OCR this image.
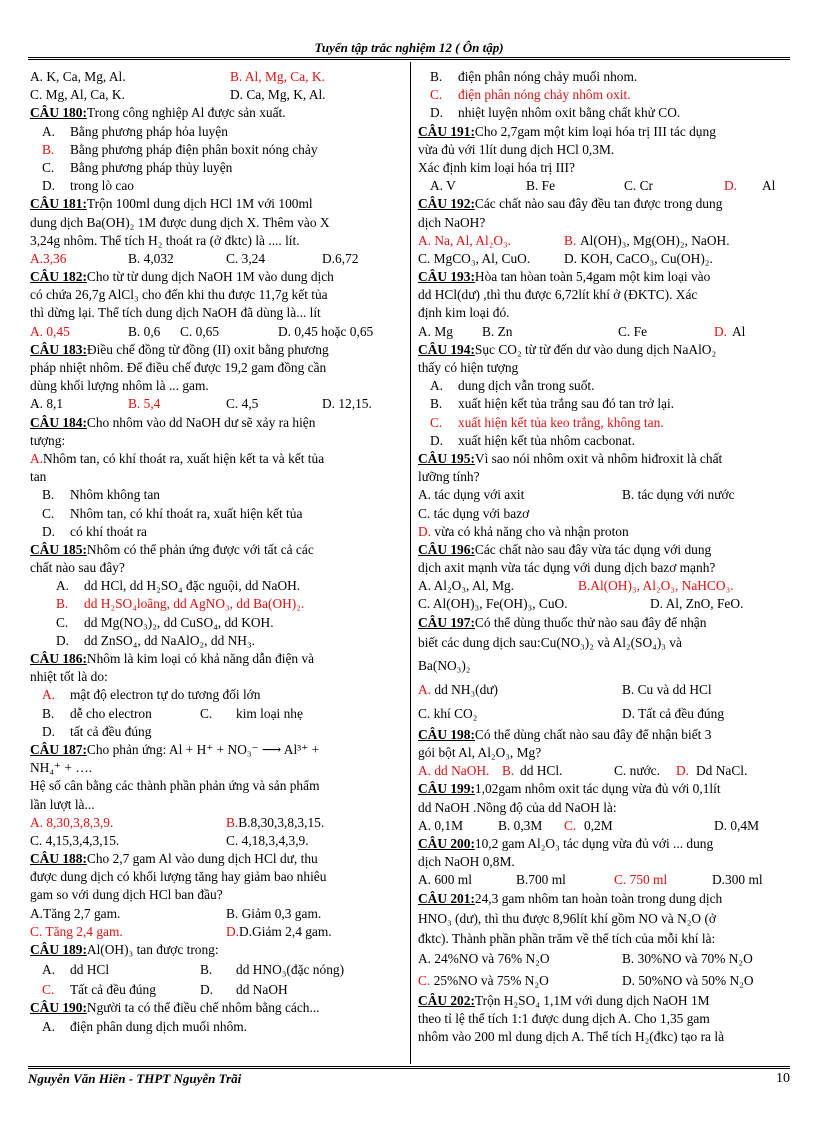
Tuyển tập trắc nghiệm 12 ( Ôn tập)
A. K, Ca, Mg, Al.	B. Al, Mg, Ca, K.
C. Mg, Al, Ca, K.	D. Ca, Mg, K, Al.
CÂU 180:Trong công nghiệp Al được sản xuất.
A. Bằng phương pháp hỏa luyện
B. Bằng phương pháp điện phân boxit nóng chảy
C. Bằng phương pháp thủy luyện
D. trong lò cao
CÂU 181:Trộn 100ml dung dịch HCl 1M với 100ml
dung dịch Ba(OH)₂ 1M được dung dịch X. Thêm vào X
3,24g nhôm. Thể tích H₂ thoát ra (ở đktc) là .... lít.
A.3,36	B. 4,032	C. 3,24	D.6,72
CÂU 182:Cho từ từ dung dịch NaOH 1M vào dung dịch
có chứa 26,7g AlCl₃ cho đến khi thu được 11,7g kết tủa
thì dừng lại. Thể tích dung dịch NaOH đã dùng là... lít
A. 0,45	B. 0,6 C. 0,65	D. 0,45 hoặc 0,65
CÂU 183:Điều chế đồng từ đồng (II) oxit bằng phương
pháp nhiệt nhôm. Để điều chế được 19,2 gam đồng cần
dùng khối lượng nhôm là ... gam.
A. 8,1	B. 5,4	C. 4,5	D. 12,15.
CÂU 184:Cho nhôm vào dd NaOH dư sẽ xảy ra hiện
tượng:
A.Nhôm tan, có khí thoát ra, xuất hiện kết ta và kết tủa
tan
B. Nhôm không tan
C. Nhôm tan, có khí thoát ra, xuất hiện kết tủa
D. có khí thoát ra
CÂU 185:Nhôm có thể phản ứng được với tất cả các
chất nào sau đây?
A. dd HCl, dd H₂SO₄ đặc nguội, dd NaOH.
B. dd H₂SO₄loãng, dd AgNO₃, dd Ba(OH)₂.
C. dd Mg(NO₃)₂, dd CuSO₄, dd KOH.
D. dd ZnSO₄, dd NaAlO₂, dd NH₃.
CÂU 186:Nhôm là kim loại có khả năng dẫn điện và
nhiệt tốt là do:
A. mật độ electron tự do tương đối lớn
B. dễ cho electron	C. kim loại nhẹ
D. tất cả đều đúng
CÂU 187:Cho phản ứng: Al + H⁺ + NO₃⁻ ⟶ Al³⁺ +
NH₄⁺ + ….
Hệ số cân bằng các thành phần phản ứng và sản phẩm
lần lượt là...
A. 8,30,3,8,3,9.	B.B.8,30,3,8,3,15.
C. 4,15,3,4,3,15.	C. 4,18,3,4,3,9.
CÂU 188:Cho 2,7 gam Al vào dung dịch HCl dư, thu
được dung dịch có khối lượng tăng hay giảm bao nhiêu
gam so với dung dịch HCl ban đầu?
A.Tăng 2,7 gam.	B. Giảm 0,3 gam.
C. Tăng 2,4 gam.	D.D.Giảm 2,4 gam.
CÂU 189:Al(OH)₃ tan được trong:
A. dd HCl	B. dd HNO₃(đặc nóng)
C. Tất cả đều đúng	D. dd NaOH
CÂU 190:Người ta có thể điều chế nhôm bằng cách...
A. điện phân dung dịch muối nhôm.
B. điện phân nóng chảy muối nhom.
C. điện phân nóng chảy nhôm oxit.
D. nhiệt luyện nhôm oxit bằng chất khử CO.
CÂU 191:Cho 2,7gam một kim loại hóa trị III tác dụng
vừa đủ với 1lít dung dịch HCl 0,3M.
Xác định kim loại hóa trị III?
A. V	B. Fe	C. Cr	D. Al
CÂU 192:Các chất nào sau đây đều tan được trong dung
dịch NaOH?
A. Na, Al, Al₂O₃.	B. Al(OH)₃, Mg(OH)₂, NaOH.
C. MgCO₃, Al, CuO.	D. KOH, CaCO₃, Cu(OH)₂.
CÂU 193:Hòa tan hòan toàn 5,4gam một kim loại vào
dd HCl(dư) ,thì thu được 6,72lít khí ở (ĐKTC). Xác
định kim loại đó.
A. Mg B. Zn	C. Fe	D. Al
CÂU 194:Sục CO₂ từ từ đến dư vào dung dịch NaAlO₂
thấy có hiện tượng
A. dung dịch vẫn trong suốt.
B. xuất hiện kết tủa trắng sau đó tan trở lại.
C. xuất hiện kết tủa keo trắng, không tan.
D. xuất hiện kết tủa nhôm cacbonat.
CÂU 195:Vì sao nói nhôm oxit và nhôm hiđroxit là chất
lưỡng tính?
A. tác dụng với axit	B. tác dụng với nước
C. tác dụng với bazơ
D. vừa có khả năng cho và nhận proton
CÂU 196:Các chất nào sau đây vừa tác dụng với dung
dịch axit mạnh vừa tác dụng với dung dịch bazơ mạnh?
A. Al₂O₃, Al, Mg.	B.Al(OH)₃, Al₂O₃, NaHCO₃.
C. Al(OH)₃, Fe(OH)₃, CuO.	D. Al, ZnO, FeO.
CÂU 197:Có thể dùng thuốc thử nào sau đây để nhận
biết các dung dịch sau:Cu(NO₃)₂ và Al₂(SO₄)₃ và
Ba(NO₃)₂
A. dd NH₃(dư)	B. Cu và dd HCl
C. khí CO₂	D. Tất cả đều đúng
CÂU 198:Có thể dùng chất nào sau đây để nhận biết 3
gói bột Al, Al₂O₃, Mg?
A. dd NaOH. B. dd HCl.	C. nước. D. Dd NaCl.
CÂU 199:1,02gam nhôm oxit tác dụng vừa đủ với 0,1lít
dd NaOH .Nồng độ của dd NaOH là:
A. 0,1M	B. 0,3M C. 0,2M	D. 0,4M
CÂU 200:10,2 gam Al₂O₃ tác dụng vừa đủ với ... dung
dịch NaOH 0,8M.
A. 600 ml	B.700 ml	C. 750 ml	D.300 ml
CÂU 201:24,3 gam nhôm tan hoàn toàn trong dung dịch
HNO₃ (dư), thì thu được 8,96lít khí gồm NO và N₂O (ở
đktc). Thành phần phần trăm về thể tích của mỗi khí là:
A. 24%NO và 76% N₂O	B. 30%NO và 70% N₂O
C. 25%NO và 75% N₂O	D. 50%NO và 50% N₂O
CÂU 202:Trộn H₂SO₄ 1,1M với dung dịch NaOH 1M
theo tỉ lệ thể tích 1:1 được dung dịch A. Cho 1,35 gam
nhôm vào 200 ml dung dịch A. Thể tích H₂(đkc) tạo ra là
Nguyễn Văn Hiền - THPT Nguyễn Trãi	10
